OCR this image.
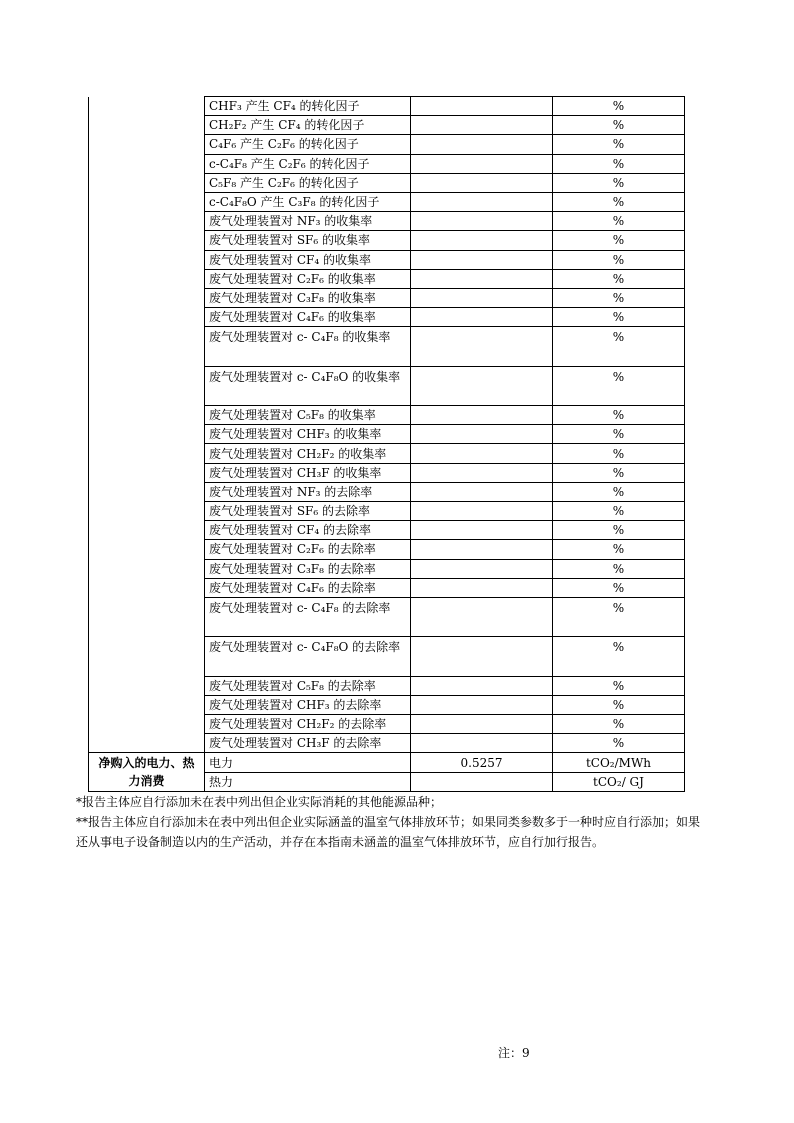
	CHF₃ 产生 CF₄ 的转化因子		%
	CH₂F₂ 产生 CF₄ 的转化因子		%
	C₄F₆ 产生 C₂F₆ 的转化因子		%
	c-C₄F₈ 产生 C₂F₆ 的转化因子		%
	C₅F₈ 产生 C₂F₆ 的转化因子		%
	c-C₄F₈O 产生 C₃F₈ 的转化因子		%
	废气处理装置对 NF₃ 的收集率		%
	废气处理装置对 SF₆ 的收集率		%
	废气处理装置对 CF₄ 的收集率		%
	废气处理装置对 C₂F₆ 的收集率		%
	废气处理装置对 C₃F₈ 的收集率		%
	废气处理装置对 C₄F₆ 的收集率		%
	废气处理装置对 c- C₄F₈ 的收集率		%
	废气处理装置对 c- C₄F₈O 的收集率		%
	废气处理装置对 C₅F₈ 的收集率		%
	废气处理装置对 CHF₃ 的收集率		%
	废气处理装置对 CH₂F₂ 的收集率		%
	废气处理装置对 CH₃F 的收集率		%
	废气处理装置对 NF₃ 的去除率		%
	废气处理装置对 SF₆ 的去除率		%
	废气处理装置对 CF₄ 的去除率		%
	废气处理装置对 C₂F₆ 的去除率		%
	废气处理装置对 C₃F₈ 的去除率		%
	废气处理装置对 C₄F₆ 的去除率		%
	废气处理装置对 c- C₄F₈ 的去除率		%
	废气处理装置对 c- C₄F₈O 的去除率		%
	废气处理装置对 C₅F₈ 的去除率		%
	废气处理装置对 CHF₃ 的去除率		%
	废气处理装置对 CH₂F₂ 的去除率		%
	废气处理装置对 CH₃F 的去除率		%
净购入的电力、热力消费	电力	0.5257	tCO₂/MWh
	热力		tCO₂/ GJ

*报告主体应自行添加未在表中列出但企业实际消耗的其他能源品种；

**报告主体应自行添加未在表中列出但企业实际涵盖的温室气体排放环节；如果同类参数多于一种时应自行添加；如果还从事电子设备制造以内的生产活动，并存在本指南未涵盖的温室气体排放环节，应自行加行报告。

注：9
